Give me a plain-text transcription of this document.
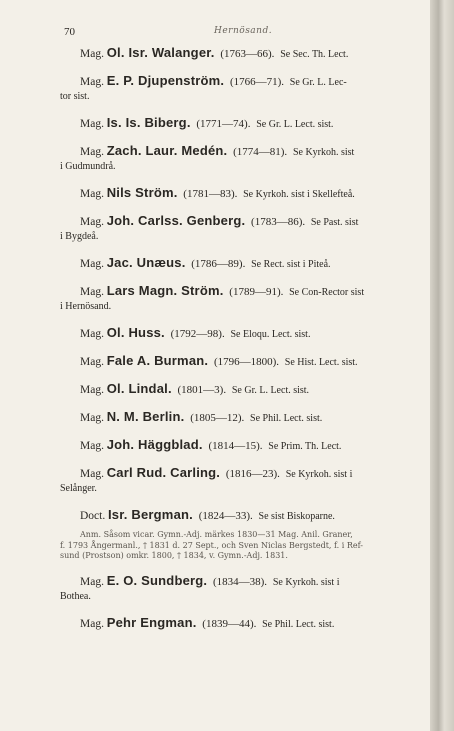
70	Hernösand.
Mag. Ol. Isr. Walanger. (1763—66). Se Sec. Th. Lect.
Mag. E. P. Djupenström. (1766—71). Se Gr. L. Lec-
tor sist.
Mag. Is. Is. Biberg. (1771—74). Se Gr. L. Lect. sist.
Mag. Zach. Laur. Medén. (1774—81). Se Kyrkoh. sist
i Gudmundrå.
Mag. Nils Ström. (1781—83). Se Kyrkoh. sist i Skellefteå.
Mag. Joh. Carlss. Genberg. (1783—86). Se Past. sist
i Bygdeå.
Mag. Jac. Unæus. (1786—89). Se Rect. sist i Piteå.
Mag. Lars Magn. Ström. (1789—91). Se Con-Rector sist
i Hernösand.
Mag. Ol. Huss. (1792—98). Se Eloqu. Lect. sist.
Mag. Fale A. Burman. (1796—1800). Se Hist. Lect. sist.
Mag. Ol. Lindal. (1801—3). Se Gr. L. Lect. sist.
Mag. N. M. Berlin. (1805—12). Se Phil. Lect. sist.
Mag. Joh. Häggblad. (1814—15). Se Prim. Th. Lect.
Mag. Carl Rud. Carling. (1816—23). Se Kyrkoh. sist i
Selånger.
Doct. Isr. Bergman. (1824—33). Se sist Biskoparne.
Anm. Såsom vicar. Gymn.-Adj. märkes 1830—31 Mag. Anil. Graner,
f. 1793 Ångermanl., † 1831 d. 27 Sept., och Sven Niclas Bergstedt, f. i Ref-
sund (Prostson) omkr. 1800, † 1834, v. Gymn.-Adj. 1831.
Mag. E. O. Sundberg. (1834—38). Se Kyrkoh. sist i
Bothea.
Mag. Pehr Engman. (1839—44). Se Phil. Lect. sist.
